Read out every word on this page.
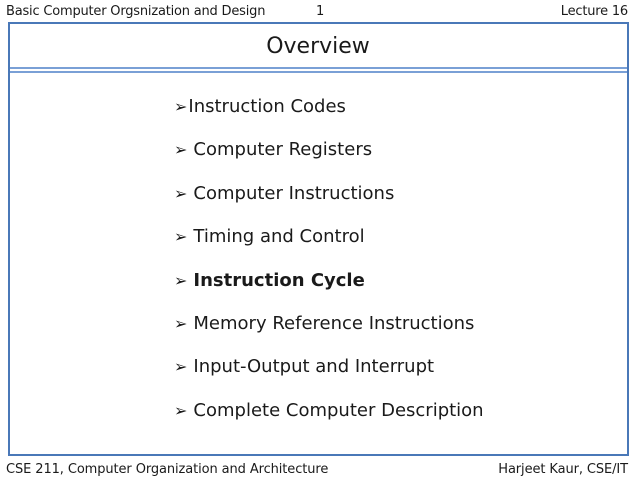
Basic Computer Orgsnization and Design	1	Lecture 16
Overview
➢ Instruction Codes
➢ Computer Registers
➢ Computer Instructions
➢ Timing and Control
➢ Instruction Cycle
➢ Memory Reference Instructions
➢ Input-Output and Interrupt
➢ Complete Computer Description
CSE 211, Computer Organization and Architecture	Harjeet Kaur, CSE/IT
